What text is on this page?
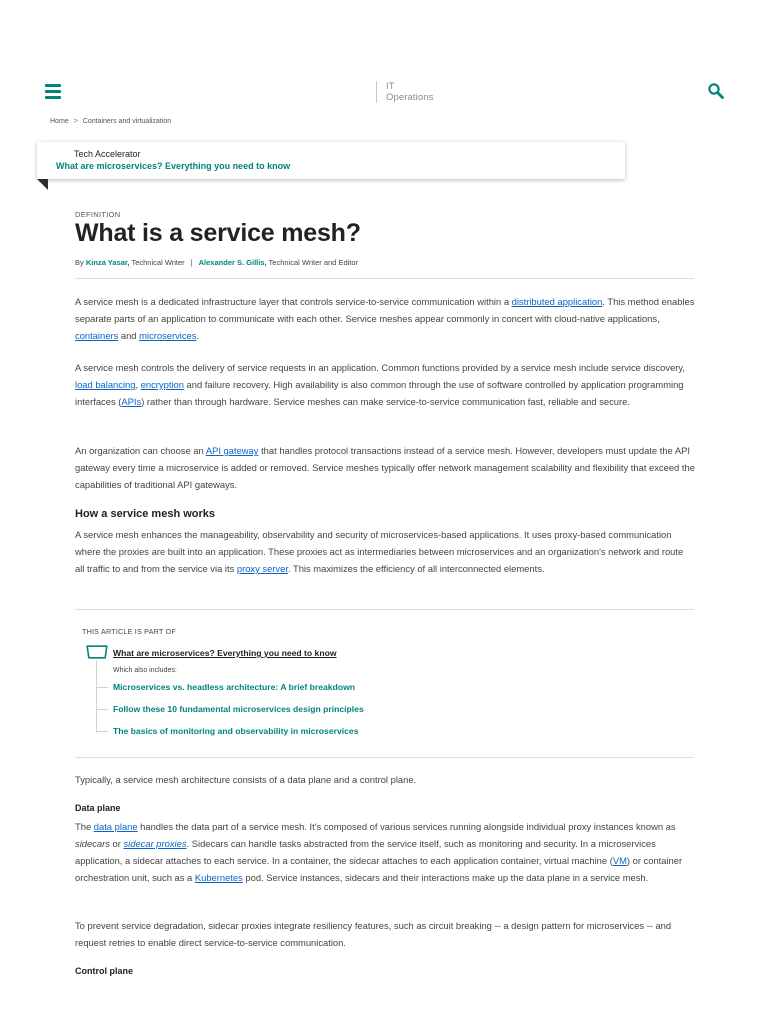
IT
Operations
Home > Containers and virtualization
Tech Accelerator
What are microservices? Everything you need to know
DEFINITION
What is a service mesh?
By Kinza Yasar, Technical Writer | Alexander S. Gillis, Technical Writer and Editor

A service mesh is a dedicated infrastructure layer that controls service-to-service communication within a distributed application. This method enables separate parts of an application to communicate with each other. Service meshes appear commonly in concert with cloud-native applications, containers and microservices.

A service mesh controls the delivery of service requests in an application. Common functions provided by a service mesh include service discovery, load balancing, encryption and failure recovery. High availability is also common through the use of software controlled by application programming interfaces (APIs) rather than through hardware. Service meshes can make service-to-service communication fast, reliable and secure.

An organization can choose an API gateway that handles protocol transactions instead of a service mesh. However, developers must update the API gateway every time a microservice is added or removed. Service meshes typically offer network management scalability and flexibility that exceed the capabilities of traditional API gateways.

How a service mesh works

A service mesh enhances the manageability, observability and security of microservices-based applications. It uses proxy-based communication where the proxies are built into an application. These proxies act as intermediaries between microservices and an organization's network and route all traffic to and from the service via its proxy server. This maximizes the efficiency of all interconnected elements.

THIS ARTICLE IS PART OF
What are microservices? Everything you need to know
Which also includes:
Microservices vs. headless architecture: A brief breakdown
Follow these 10 fundamental microservices design principles
The basics of monitoring and observability in microservices

Typically, a service mesh architecture consists of a data plane and a control plane.

Data plane

The data plane handles the data part of a service mesh. It's composed of various services running alongside individual proxy instances known as sidecars or sidecar proxies. Sidecars can handle tasks abstracted from the service itself, such as monitoring and security. In a microservices application, a sidecar attaches to each service. In a container, the sidecar attaches to each application container, virtual machine (VM) or container orchestration unit, such as a Kubernetes pod. Service instances, sidecars and their interactions make up the data plane in a service mesh.

To prevent service degradation, sidecar proxies integrate resiliency features, such as circuit breaking -- a design pattern for microservices -- and request retries to enable direct service-to-service communication.

Control plane
